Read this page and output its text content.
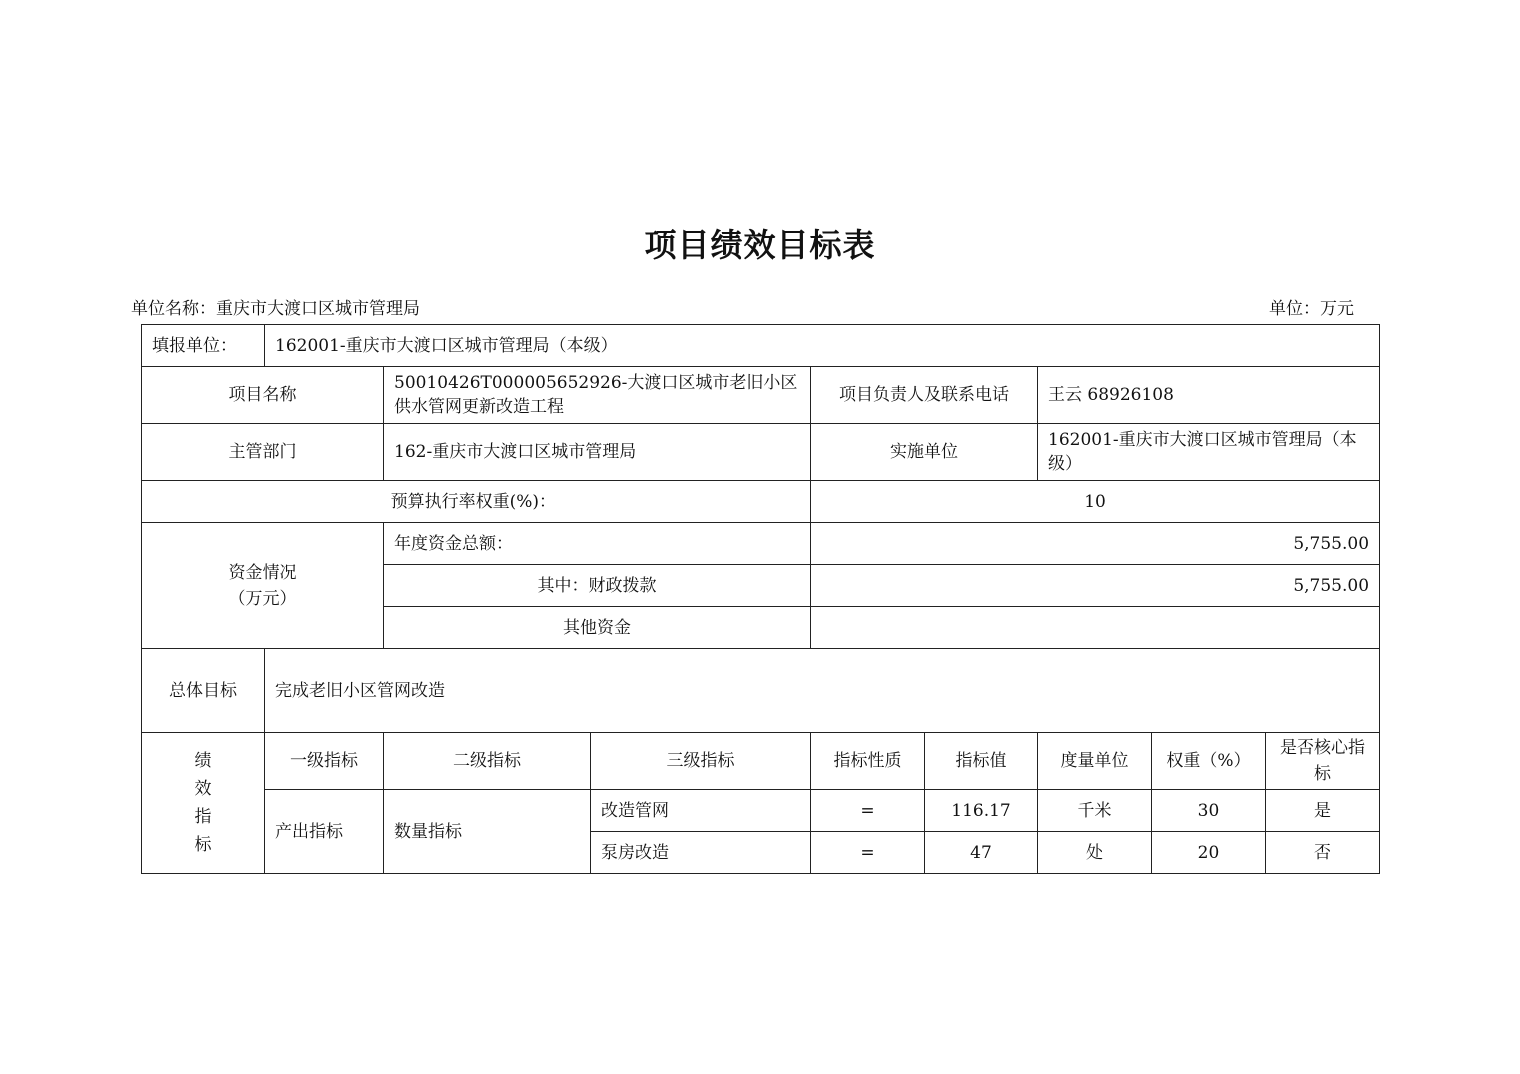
项目绩效目标表
单位名称：重庆市大渡口区城市管理局	单位：万元
填报单位：	162001-重庆市大渡口区城市管理局（本级）							
项目名称		50010426T000005652926-大渡口区城市老旧小区供水管网更新改造工程		项目负责人及联系电话		王云 68926108		
主管部门		162-重庆市大渡口区城市管理局		实施单位		162001-重庆市大渡口区城市管理局（本级）		
预算执行率权重(%)：				10				

资金情况
（万元）		年度资金总额：		5,755.00				
		其中：财政拨款		5,755.00				
		其他资金						
总体目标	完成老旧小区管网改造							

绩
效
指
标	一级指标	二级指标	三级指标	指标性质	指标值	度量单位	权重（%）	是否核心指标
	产出指标	数量指标	改造管网	=	116.17	千米	30	是
			泵房改造	=	47	处	20	否
